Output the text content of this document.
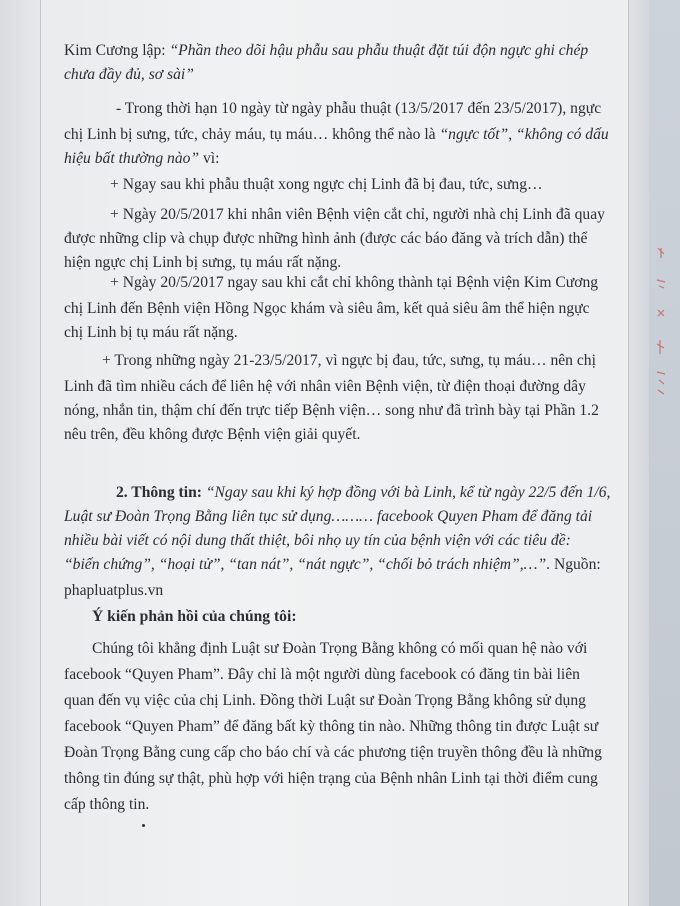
Kim Cương lập: “Phần theo dõi hậu phẫu sau phẫu thuật đặt túi độn ngực ghi chép
chưa đầy đủ, sơ sài”
- Trong thời hạn 10 ngày từ ngày phẫu thuật (13/5/2017 đến 23/5/2017), ngực
chị Linh bị sưng, tức, chảy máu, tụ máu… không thể nào là “ngực tốt”, “không có dấu
hiệu bất thường nào” vì:
+ Ngay sau khi phẫu thuật xong ngực chị Linh đã bị đau, tức, sưng…
+ Ngày 20/5/2017 khi nhân viên Bệnh viện cắt chỉ, người nhà chị Linh đã quay
được những clip và chụp được những hình ảnh (được các báo đăng và trích dẫn) thể
hiện ngực chị Linh bị sưng, tụ máu rất nặng.
+ Ngày 20/5/2017 ngay sau khi cắt chỉ không thành tại Bệnh viện Kim Cương
chị Linh đến Bệnh viện Hồng Ngọc khám và siêu âm, kết quả siêu âm thể hiện ngực
chị Linh bị tụ máu rất nặng.
+ Trong những ngày 21-23/5/2017, vì ngực bị đau, tức, sưng, tụ máu… nên chị
Linh đã tìm nhiều cách để liên hệ với nhân viên Bệnh viện, từ điện thoại đường dây
nóng, nhắn tin, thậm chí đến trực tiếp Bệnh viện… song như đã trình bày tại Phần 1.2
nêu trên, đều không được Bệnh viện giải quyết.
2. Thông tin: “Ngay sau khi ký hợp đồng với bà Linh, kể từ ngày 22/5 đến 1/6,
Luật sư Đoàn Trọng Bằng liên tục sử dụng……… facebook Quyen Pham để đăng tải
nhiều bài viết có nội dung thất thiệt, bôi nhọ uy tín của bệnh viện với các tiêu đề:
“biến chứng”, “hoại tử”, “tan nát”, “nát ngực”, “chối bỏ trách nhiệm”,…”. Nguồn:
phapluatplus.vn
Ý kiến phản hồi của chúng tôi:
Chúng tôi khẳng định Luật sư Đoàn Trọng Bằng không có mối quan hệ nào với
facebook “Quyen Pham”. Đây chỉ là một người dùng facebook có đăng tin bài liên
quan đến vụ việc của chị Linh. Đồng thời Luật sư Đoàn Trọng Bằng không sử dụng
facebook “Quyen Pham” để đăng bất kỳ thông tin nào. Những thông tin được Luật sư
Đoàn Trọng Bằng cung cấp cho báo chí và các phương tiện truyền thông đều là những
thông tin đúng sự thật, phù hợp với hiện trạng của Bệnh nhân Linh tại thời điểm cung
cấp thông tin.
